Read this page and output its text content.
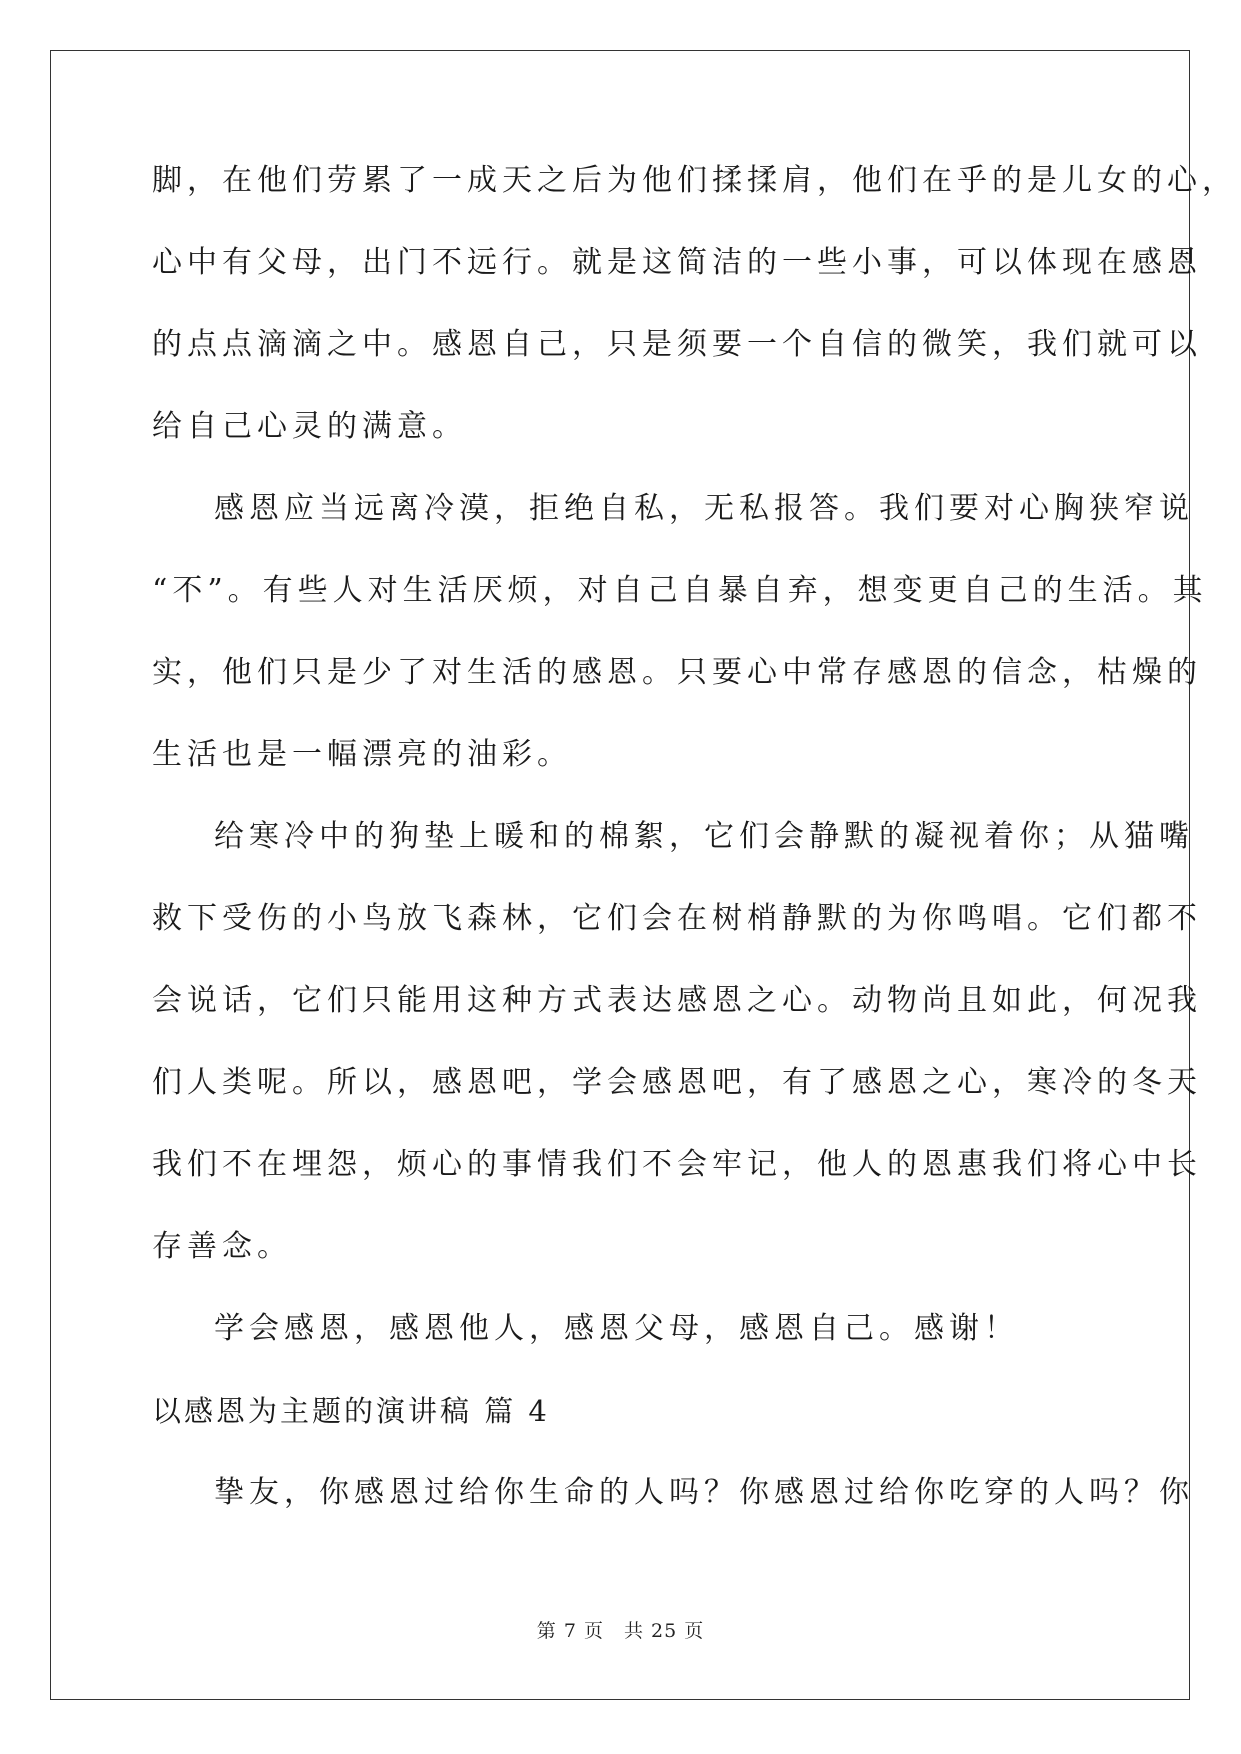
脚，在他们劳累了一成天之后为他们揉揉肩，他们在乎的是儿女的心，
心中有父母，出门不远行。就是这简洁的一些小事，可以体现在感恩
的点点滴滴之中。感恩自己，只是须要一个自信的微笑，我们就可以
给自己心灵的满意。
感恩应当远离冷漠，拒绝自私，无私报答。我们要对心胸狭窄说
“不”。有些人对生活厌烦，对自己自暴自弃，想变更自己的生活。其
实，他们只是少了对生活的感恩。只要心中常存感恩的信念，枯燥的
生活也是一幅漂亮的油彩。
给寒冷中的狗垫上暖和的棉絮，它们会静默的凝视着你；从猫嘴
救下受伤的小鸟放飞森林，它们会在树梢静默的为你鸣唱。它们都不
会说话，它们只能用这种方式表达感恩之心。动物尚且如此，何况我
们人类呢。所以，感恩吧，学会感恩吧，有了感恩之心，寒冷的冬天
我们不在埋怨，烦心的事情我们不会牢记，他人的恩惠我们将心中长
存善念。
学会感恩，感恩他人，感恩父母，感恩自己。感谢！
以感恩为主题的演讲稿 篇 4
挚友，你感恩过给你生命的人吗？你感恩过给你吃穿的人吗？你
第 7 页　共 25 页
